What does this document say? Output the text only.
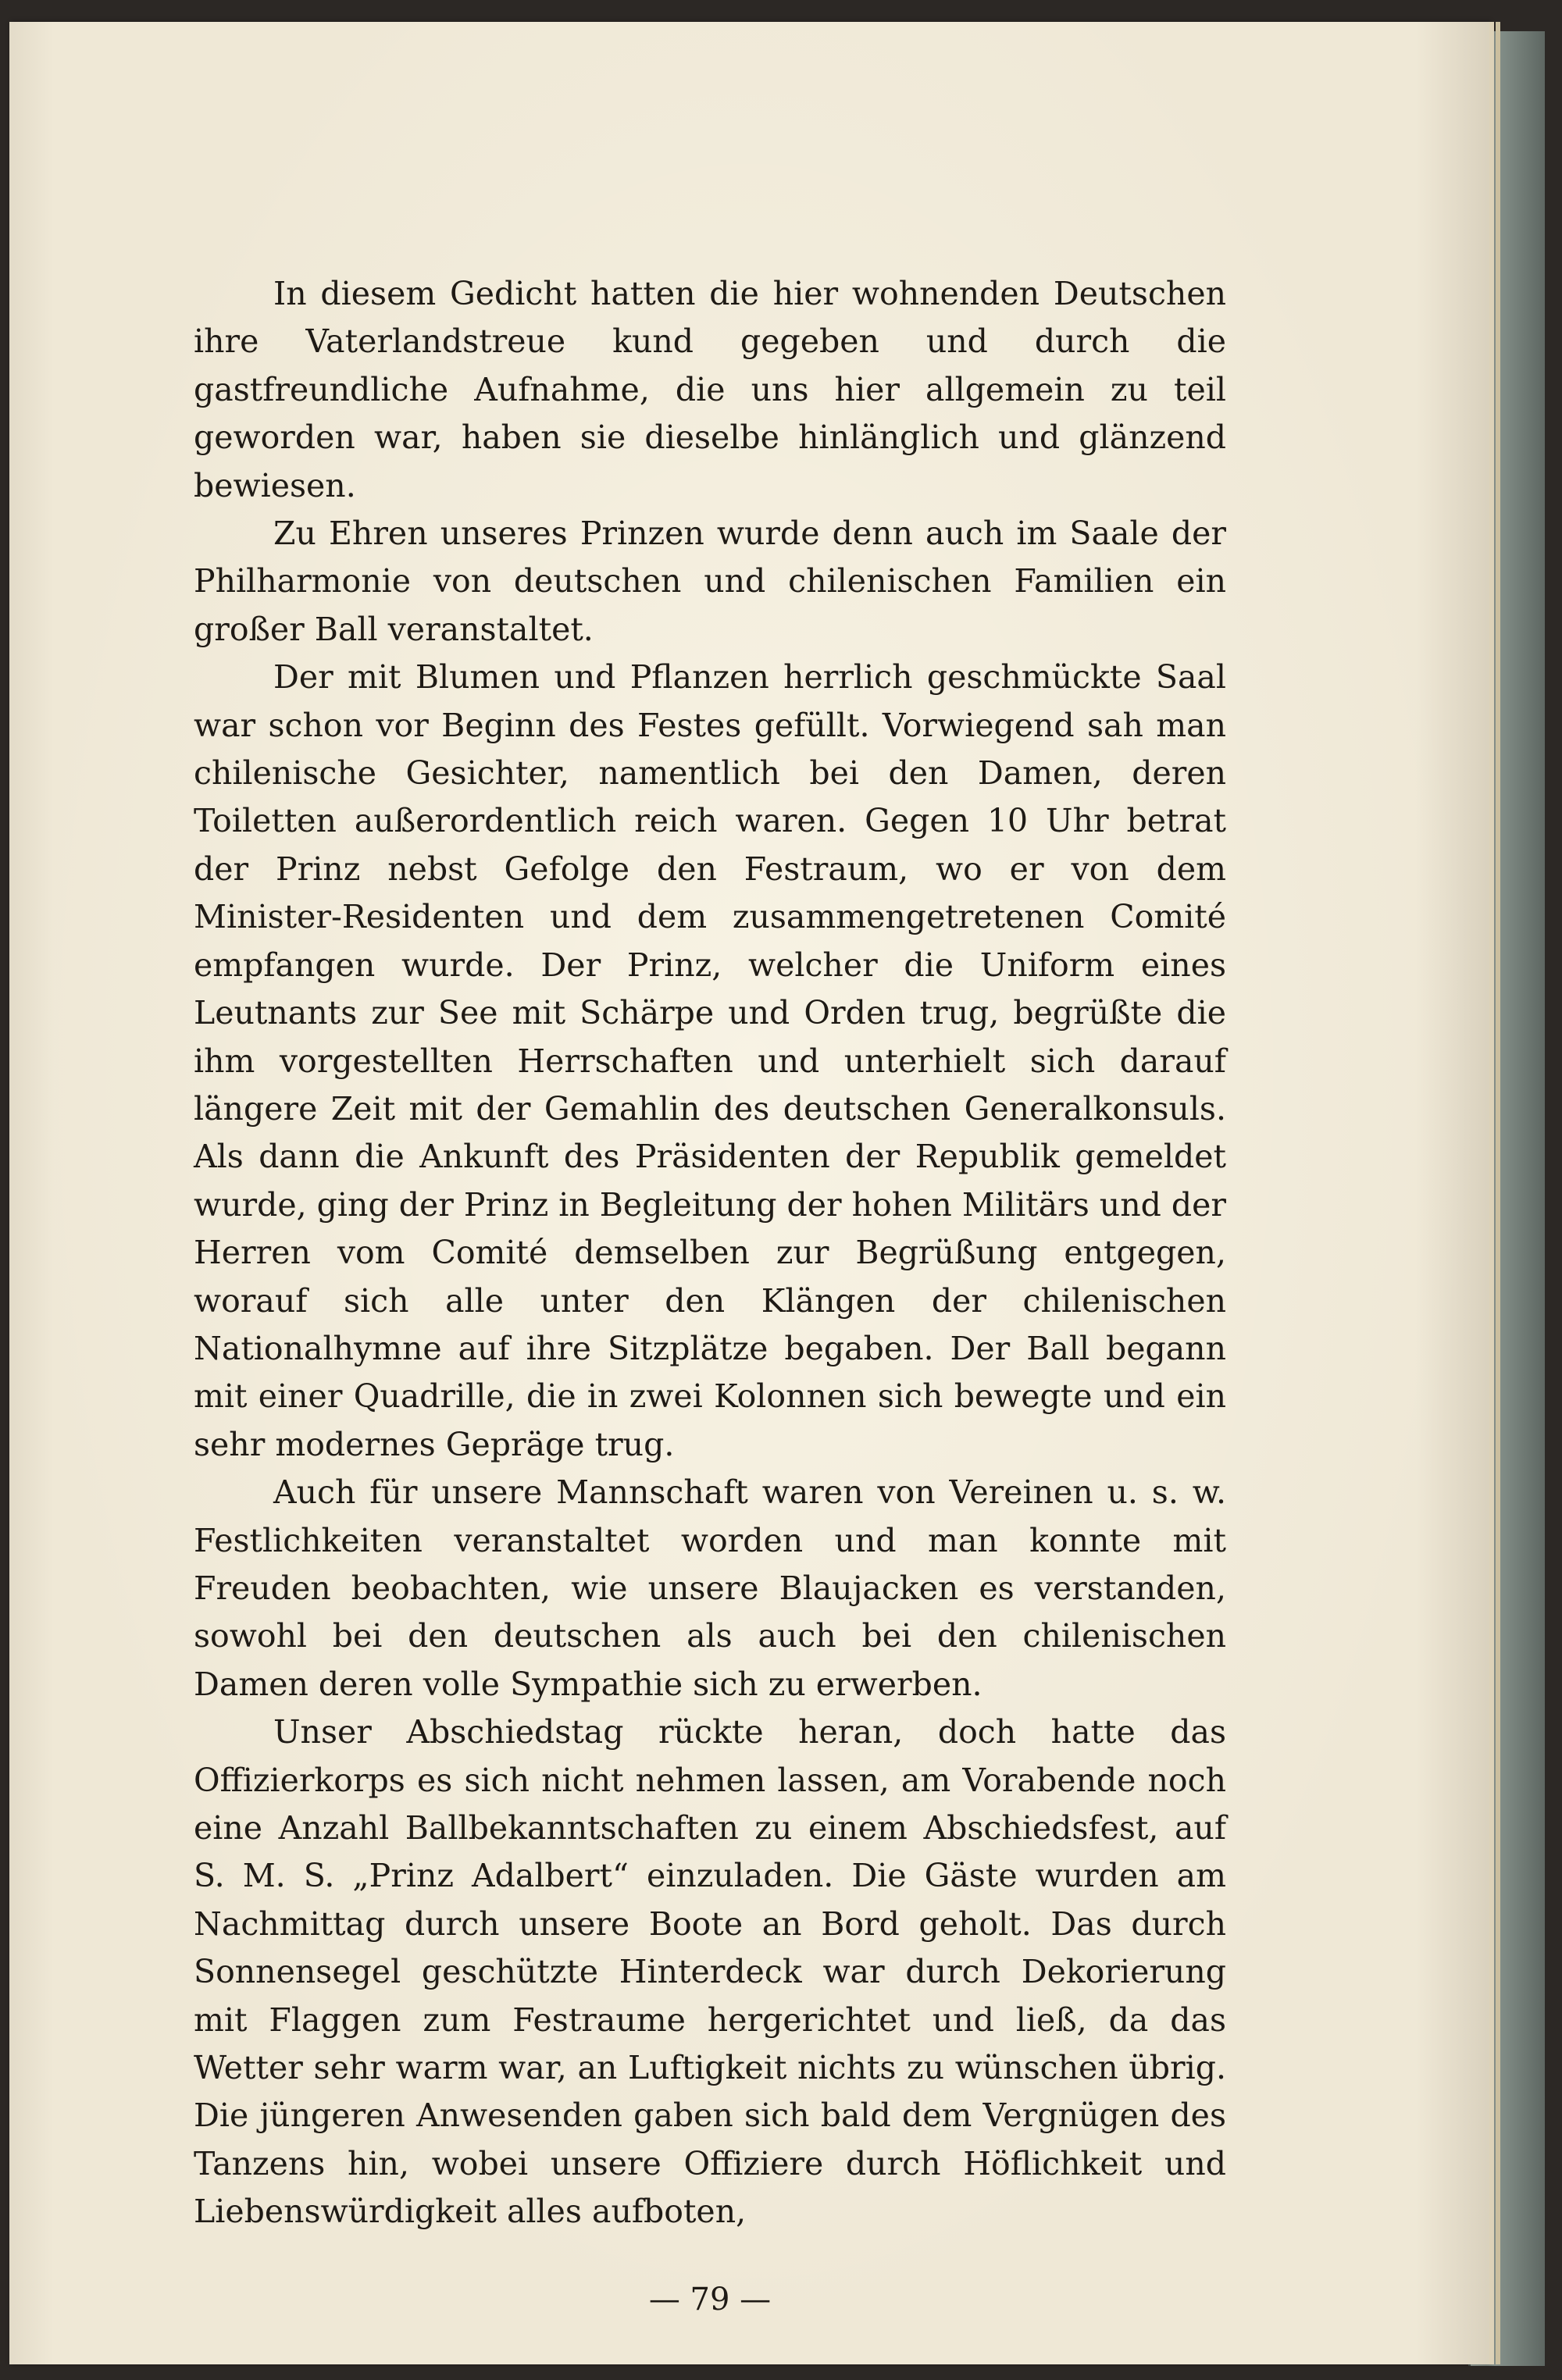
In diesem Gedicht hatten die hier wohnenden Deutschen ihre Vaterlandstreue kund gegeben und durch die gastfreundliche Aufnahme, die uns hier allgemein zu teil geworden war, haben sie dieselbe hinlänglich und glänzend bewiesen.

Zu Ehren unseres Prinzen wurde denn auch im Saale der Philharmonie von deutschen und chilenischen Familien ein großer Ball veranstaltet.

Der mit Blumen und Pflanzen herrlich geschmückte Saal war schon vor Beginn des Festes gefüllt. Vorwiegend sah man chilenische Gesichter, namentlich bei den Damen, deren Toiletten außerordentlich reich waren. Gegen 10 Uhr betrat der Prinz nebst Gefolge den Festraum, wo er von dem Minister-Residenten und dem zusammengetretenen Comité empfangen wurde. Der Prinz, welcher die Uniform eines Leutnants zur See mit Schärpe und Orden trug, begrüßte die ihm vorgestellten Herrschaften und unterhielt sich darauf längere Zeit mit der Gemahlin des deutschen Generalkonsuls. Als dann die Ankunft des Präsidenten der Republik gemeldet wurde, ging der Prinz in Begleitung der hohen Militärs und der Herren vom Comité demselben zur Begrüßung entgegen, worauf sich alle unter den Klängen der chilenischen Nationalhymne auf ihre Sitzplätze begaben. Der Ball begann mit einer Quadrille, die in zwei Kolonnen sich bewegte und ein sehr modernes Gepräge trug.

Auch für unsere Mannschaft waren von Vereinen u. s. w. Festlichkeiten veranstaltet worden und man konnte mit Freuden beobachten, wie unsere Blaujacken es verstanden, sowohl bei den deutschen als auch bei den chilenischen Damen deren volle Sympathie sich zu erwerben.

Unser Abschiedstag rückte heran, doch hatte das Offizierkorps es sich nicht nehmen lassen, am Vorabende noch eine Anzahl Ballbekanntschaften zu einem Abschiedsfest, auf S. M. S. „Prinz Adalbert“ einzuladen. Die Gäste wurden am Nachmittag durch unsere Boote an Bord geholt. Das durch Sonnensegel geschützte Hinterdeck war durch Dekorierung mit Flaggen zum Festraume hergerichtet und ließ, da das Wetter sehr warm war, an Luftigkeit nichts zu wünschen übrig. Die jüngeren Anwesenden gaben sich bald dem Vergnügen des Tanzens hin, wobei unsere Offiziere durch Höflichkeit und Liebenswürdigkeit alles aufboten,

— 79 —
